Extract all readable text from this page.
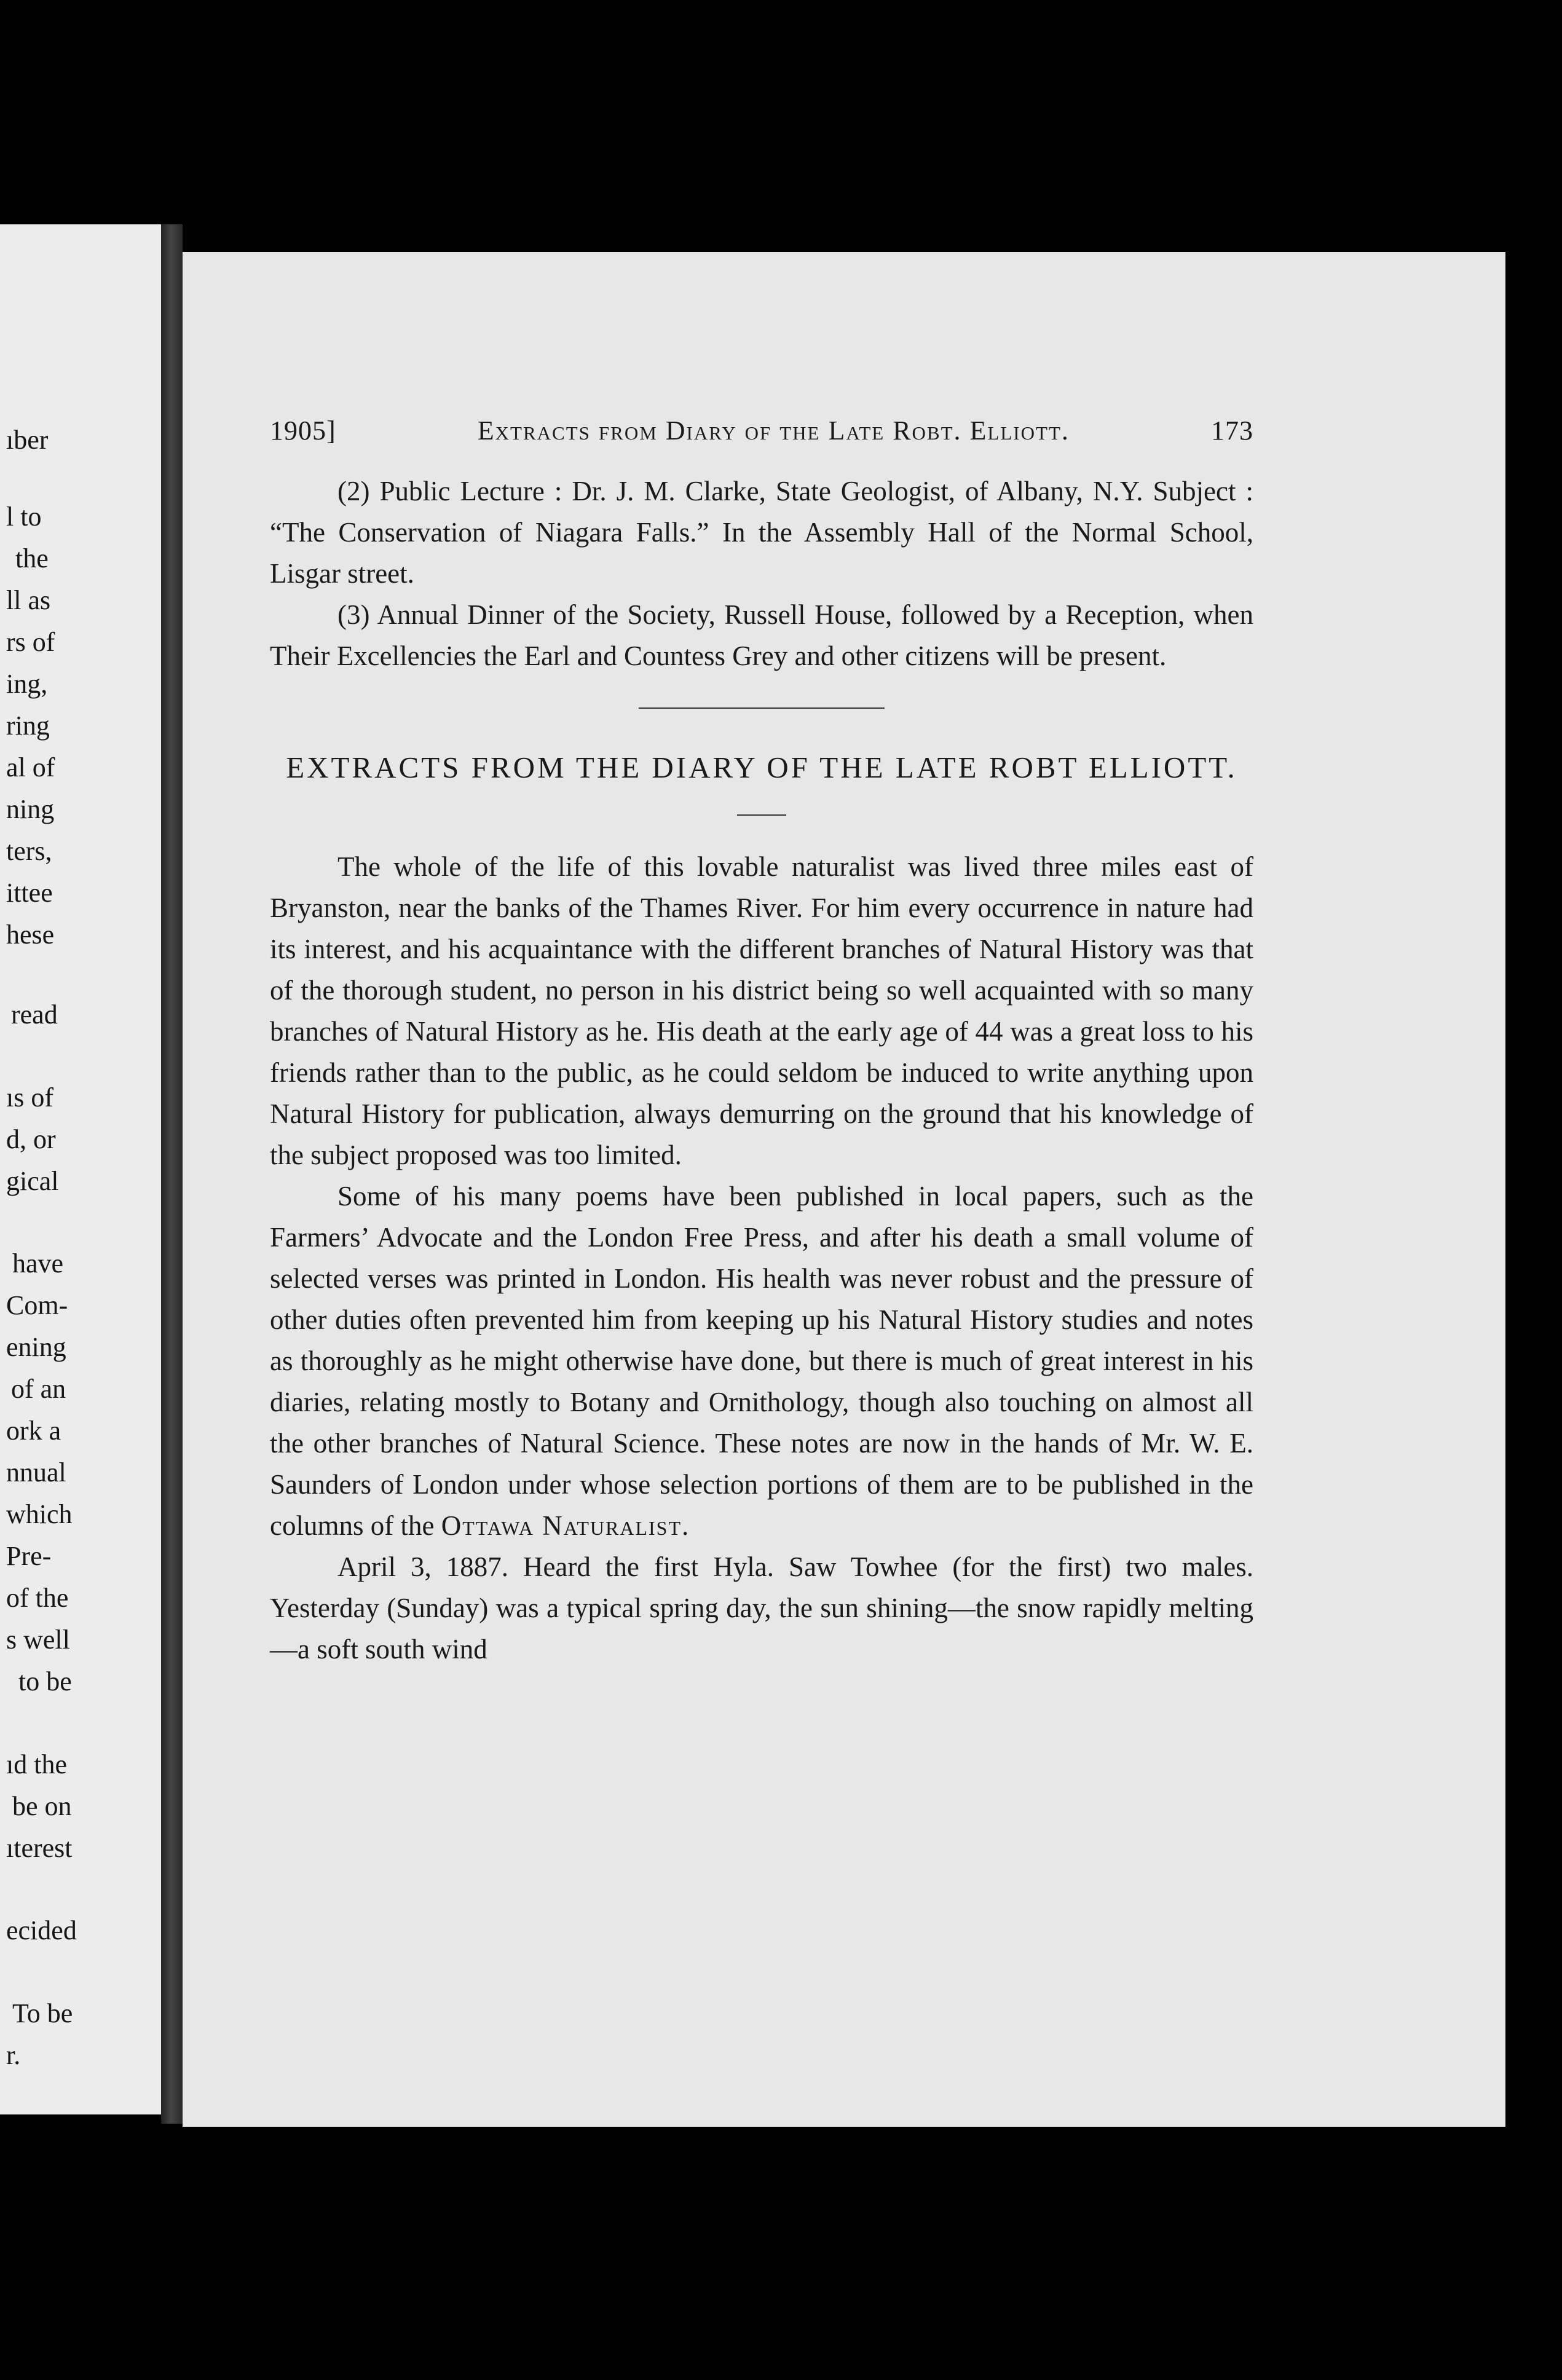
ıber
l to
the
ll as
rs of
ing,
ring
al of
ning
ters,
ittee
hese
read
ıs of
d, or
gical
have
Com-
ening
of an
ork a
nnual
which
Pre-
of the
s well
to be
ıd the
be on
ıterest
ecided
To be
r.
1905]	Extracts from Diary of the Late Robt. Elliott.	173

(2) Public Lecture : Dr. J. M. Clarke, State Geologist, of Albany, N.Y. Subject : “The Conservation of Niagara Falls.” In the Assembly Hall of the Normal School, Lisgar street.

(3) Annual Dinner of the Society, Russell House, followed by a Reception, when Their Excellencies the Earl and Countess Grey and other citizens will be present.

EXTRACTS FROM THE DIARY OF THE LATE ROBT ELLIOTT.

The whole of the life of this lovable naturalist was lived three miles east of Bryanston, near the banks of the Thames River. For him every occurrence in nature had its interest, and his acquaintance with the different branches of Natural History was that of the thorough student, no person in his district being so well acquainted with so many branches of Natural History as he. His death at the early age of 44 was a great loss to his friends rather than to the public, as he could seldom be induced to write anything upon Natural History for publication, always demurring on the ground that his knowledge of the subject proposed was too limited.

Some of his many poems have been published in local papers, such as the Farmers’ Advocate and the London Free Press, and after his death a small volume of selected verses was printed in London. His health was never robust and the pressure of other duties often prevented him from keeping up his Natural History studies and notes as thoroughly as he might otherwise have done, but there is much of great interest in his diaries, relating mostly to Botany and Ornithology, though also touching on almost all the other branches of Natural Science. These notes are now in the hands of Mr. W. E. Saunders of London under whose selection portions of them are to be published in the columns of the Ottawa Naturalist.

April 3, 1887. Heard the first Hyla. Saw Towhee (for the first) two males. Yesterday (Sunday) was a typical spring day, the sun shining—the snow rapidly melting—a soft south wind
